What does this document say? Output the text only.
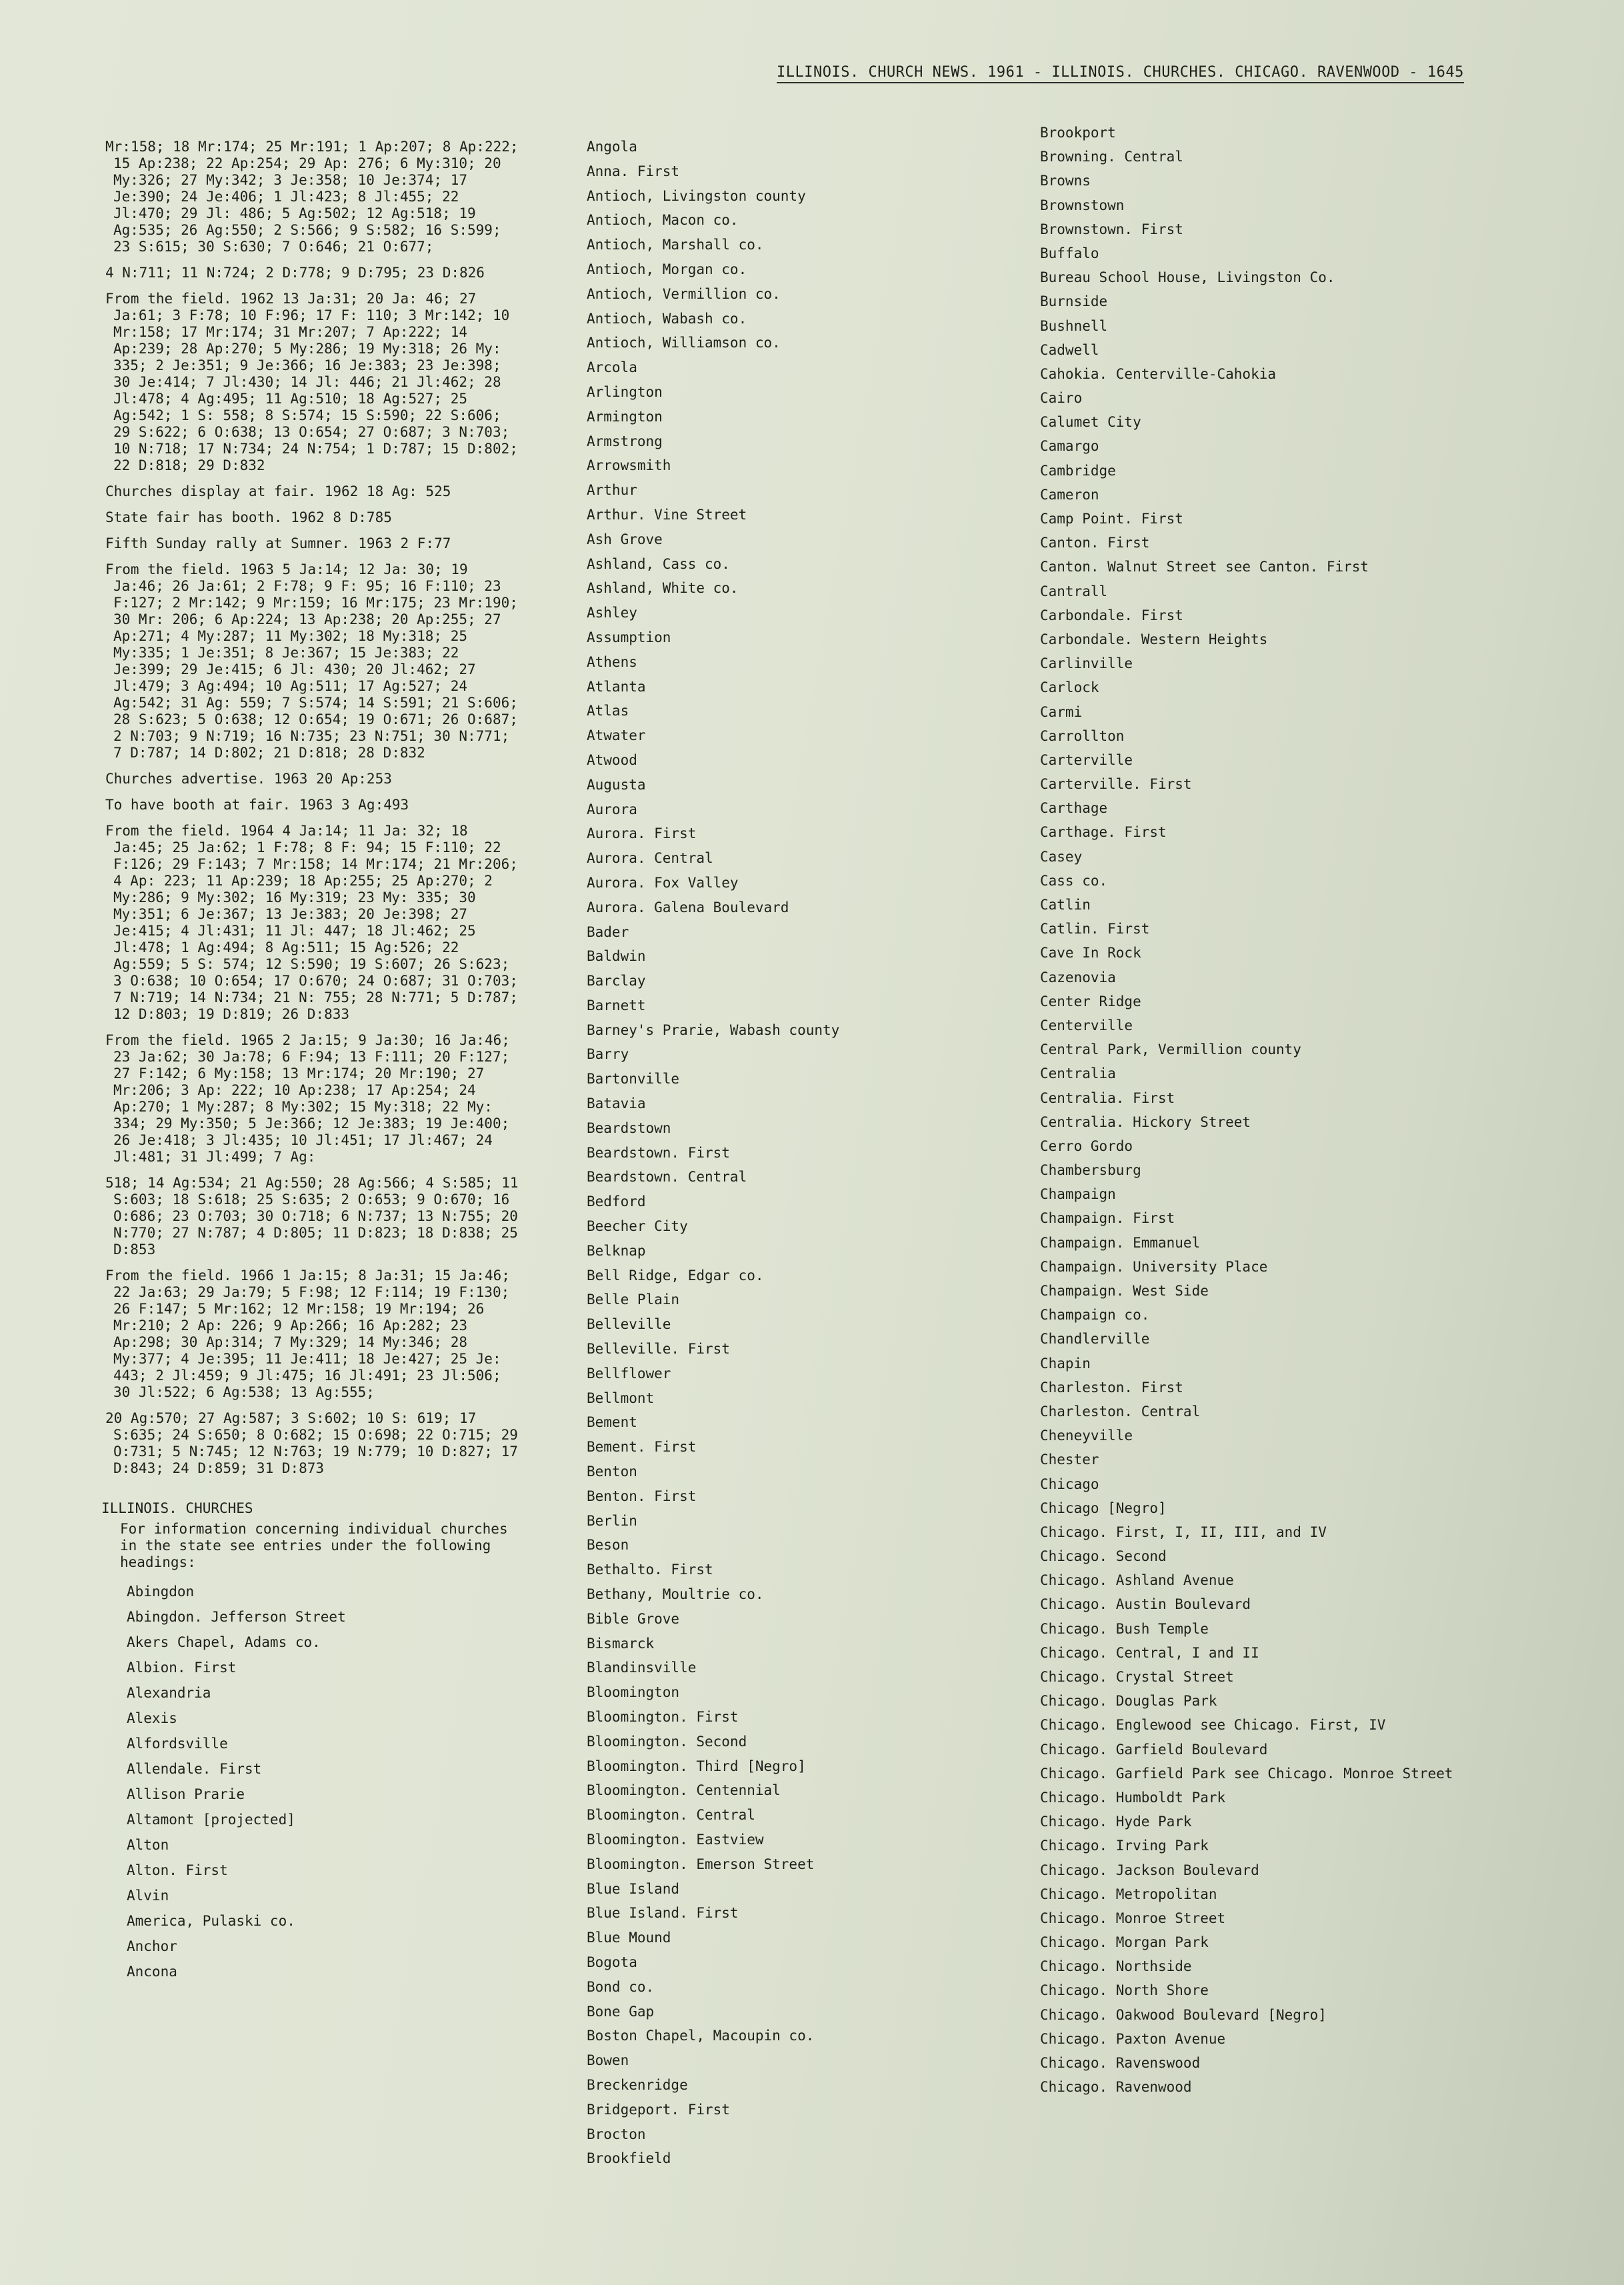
ILLINOIS. CHURCH NEWS. 1961 - ILLINOIS. CHURCHES. CHICAGO. RAVENWOOD - 1645
Mr:158; 18 Mr:174; 25 Mr:191; 1 Ap:207; 8 Ap:222; 15 Ap:238; 22 Ap:254; 29 Ap: 276; 6 My:310; 20 My:326; 27 My:342; 3 Je:358; 10 Je:374; 17 Je:390; 24 Je:406; 1 Jl:423; 8 Jl:455; 22 Jl:470; 29 Jl: 486; 5 Ag:502; 12 Ag:518; 19 Ag:535; 26 Ag:550; 2 S:566; 9 S:582; 16 S:599; 23 S:615; 30 S:630; 7 O:646; 21 O:677;
4 N:711; 11 N:724; 2 D:778; 9 D:795; 23 D:826
From the field. 1962 13 Ja:31; 20 Ja: 46; 27 Ja:61; 3 F:78; 10 F:96; 17 F: 110; 3 Mr:142; 10 Mr:158; 17 Mr:174; 31 Mr:207; 7 Ap:222; 14 Ap:239; 28 Ap:270; 5 My:286; 19 My:318; 26 My: 335; 2 Je:351; 9 Je:366; 16 Je:383; 23 Je:398; 30 Je:414; 7 Jl:430; 14 Jl: 446; 21 Jl:462; 28 Jl:478; 4 Ag:495; 11 Ag:510; 18 Ag:527; 25 Ag:542; 1 S: 558; 8 S:574; 15 S:590; 22 S:606; 29 S:622; 6 O:638; 13 O:654; 27 O:687; 3 N:703; 10 N:718; 17 N:734; 24 N:754; 1 D:787; 15 D:802; 22 D:818; 29 D:832
Churches display at fair. 1962 18 Ag: 525
State fair has booth. 1962 8 D:785
Fifth Sunday rally at Sumner. 1963 2 F:77
From the field. 1963 5 Ja:14; 12 Ja: 30; 19 Ja:46; 26 Ja:61; 2 F:78; 9 F: 95; 16 F:110; 23 F:127; 2 Mr:142; 9 Mr:159; 16 Mr:175; 23 Mr:190; 30 Mr: 206; 6 Ap:224; 13 Ap:238; 20 Ap:255; 27 Ap:271; 4 My:287; 11 My:302; 18 My:318; 25 My:335; 1 Je:351; 8 Je:367; 15 Je:383; 22 Je:399; 29 Je:415; 6 Jl: 430; 20 Jl:462; 27 Jl:479; 3 Ag:494; 10 Ag:511; 17 Ag:527; 24 Ag:542; 31 Ag: 559; 7 S:574; 14 S:591; 21 S:606; 28 S:623; 5 O:638; 12 O:654; 19 O:671; 26 O:687; 2 N:703; 9 N:719; 16 N:735; 23 N:751; 30 N:771; 7 D:787; 14 D:802; 21 D:818; 28 D:832
Churches advertise. 1963 20 Ap:253
To have booth at fair. 1963 3 Ag:493
From the field. 1964 4 Ja:14; 11 Ja: 32; 18 Ja:45; 25 Ja:62; 1 F:78; 8 F: 94; 15 F:110; 22 F:126; 29 F:143; 7 Mr:158; 14 Mr:174; 21 Mr:206; 4 Ap: 223; 11 Ap:239; 18 Ap:255; 25 Ap:270; 2 My:286; 9 My:302; 16 My:319; 23 My: 335; 30 My:351; 6 Je:367; 13 Je:383; 20 Je:398; 27 Je:415; 4 Jl:431; 11 Jl: 447; 18 Jl:462; 25 Jl:478; 1 Ag:494; 8 Ag:511; 15 Ag:526; 22 Ag:559; 5 S: 574; 12 S:590; 19 S:607; 26 S:623; 3 O:638; 10 O:654; 17 O:670; 24 O:687; 31 O:703; 7 N:719; 14 N:734; 21 N: 755; 28 N:771; 5 D:787; 12 D:803; 19 D:819; 26 D:833
From the field. 1965 2 Ja:15; 9 Ja:30; 16 Ja:46; 23 Ja:62; 30 Ja:78; 6 F:94; 13 F:111; 20 F:127; 27 F:142; 6 My:158; 13 Mr:174; 20 Mr:190; 27 Mr:206; 3 Ap: 222; 10 Ap:238; 17 Ap:254; 24 Ap:270; 1 My:287; 8 My:302; 15 My:318; 22 My: 334; 29 My:350; 5 Je:366; 12 Je:383; 19 Je:400; 26 Je:418; 3 Jl:435; 10 Jl:451; 17 Jl:467; 24 Jl:481; 31 Jl:499; 7 Ag:
518; 14 Ag:534; 21 Ag:550; 28 Ag:566; 4 S:585; 11 S:603; 18 S:618; 25 S:635; 2 O:653; 9 O:670; 16 O:686; 23 O:703; 30 O:718; 6 N:737; 13 N:755; 20 N:770; 27 N:787; 4 D:805; 11 D:823; 18 D:838; 25 D:853
From the field. 1966 1 Ja:15; 8 Ja:31; 15 Ja:46; 22 Ja:63; 29 Ja:79; 5 F:98; 12 F:114; 19 F:130; 26 F:147; 5 Mr:162; 12 Mr:158; 19 Mr:194; 26 Mr:210; 2 Ap: 226; 9 Ap:266; 16 Ap:282; 23 Ap:298; 30 Ap:314; 7 My:329; 14 My:346; 28 My:377; 4 Je:395; 11 Je:411; 18 Je:427; 25 Je: 443; 2 Jl:459; 9 Jl:475; 16 Jl:491; 23 Jl:506; 30 Jl:522; 6 Ag:538; 13 Ag:555;
20 Ag:570; 27 Ag:587; 3 S:602; 10 S: 619; 17 S:635; 24 S:650; 8 O:682; 15 O:698; 22 O:715; 29 O:731; 5 N:745; 12 N:763; 19 N:779; 10 D:827; 17 D:843; 24 D:859; 31 D:873
ILLINOIS. CHURCHES
For information concerning individual churches in the state see entries under the following headings:
Abingdon
Abingdon. Jefferson Street
Akers Chapel, Adams co.
Albion. First
Alexandria
Alexis
Alfordsville
Allendale. First
Allison Prarie
Altamont [projected]
Alton
Alton. First
Alvin
America, Pulaski co.
Anchor
Ancona
Angola
Anna. First
Antioch, Livingston county
Antioch, Macon co.
Antioch, Marshall co.
Antioch, Morgan co.
Antioch, Vermillion co.
Antioch, Wabash co.
Antioch, Williamson co.
Arcola
Arlington
Armington
Armstrong
Arrowsmith
Arthur
Arthur. Vine Street
Ash Grove
Ashland, Cass co.
Ashland, White co.
Ashley
Assumption
Athens
Atlanta
Atlas
Atwater
Atwood
Augusta
Aurora
Aurora. First
Aurora. Central
Aurora. Fox Valley
Aurora. Galena Boulevard
Bader
Baldwin
Barclay
Barnett
Barney's Prarie, Wabash county
Barry
Bartonville
Batavia
Beardstown
Beardstown. First
Beardstown. Central
Bedford
Beecher City
Belknap
Bell Ridge, Edgar co.
Belle Plain
Belleville
Belleville. First
Bellflower
Bellmont
Bement
Bement. First
Benton
Benton. First
Berlin
Beson
Bethalto. First
Bethany, Moultrie co.
Bible Grove
Bismarck
Blandinsville
Bloomington
Bloomington. First
Bloomington. Second
Bloomington. Third [Negro]
Bloomington. Centennial
Bloomington. Central
Bloomington. Eastview
Bloomington. Emerson Street
Blue Island
Blue Island. First
Blue Mound
Bogota
Bond co.
Bone Gap
Boston Chapel, Macoupin co.
Bowen
Breckenridge
Bridgeport. First
Brocton
Brookfield
Brookport
Browning. Central
Browns
Brownstown
Brownstown. First
Buffalo
Bureau School House, Livingston Co.
Burnside
Bushnell
Cadwell
Cahokia. Centerville-Cahokia
Cairo
Calumet City
Camargo
Cambridge
Cameron
Camp Point. First
Canton. First
Canton. Walnut Street see Canton. First
Cantrall
Carbondale. First
Carbondale. Western Heights
Carlinville
Carlock
Carmi
Carrollton
Carterville
Carterville. First
Carthage
Carthage. First
Casey
Cass co.
Catlin
Catlin. First
Cave In Rock
Cazenovia
Center Ridge
Centerville
Central Park, Vermillion county
Centralia
Centralia. First
Centralia. Hickory Street
Cerro Gordo
Chambersburg
Champaign
Champaign. First
Champaign. Emmanuel
Champaign. University Place
Champaign. West Side
Champaign co.
Chandlerville
Chapin
Charleston. First
Charleston. Central
Cheneyville
Chester
Chicago
Chicago [Negro]
Chicago. First, I, II, III, and IV
Chicago. Second
Chicago. Ashland Avenue
Chicago. Austin Boulevard
Chicago. Bush Temple
Chicago. Central, I and II
Chicago. Crystal Street
Chicago. Douglas Park
Chicago. Englewood see Chicago. First, IV
Chicago. Garfield Boulevard
Chicago. Garfield Park see Chicago. Monroe Street
Chicago. Humboldt Park
Chicago. Hyde Park
Chicago. Irving Park
Chicago. Jackson Boulevard
Chicago. Metropolitan
Chicago. Monroe Street
Chicago. Morgan Park
Chicago. Northside
Chicago. North Shore
Chicago. Oakwood Boulevard [Negro]
Chicago. Paxton Avenue
Chicago. Ravenswood
Chicago. Ravenwood
